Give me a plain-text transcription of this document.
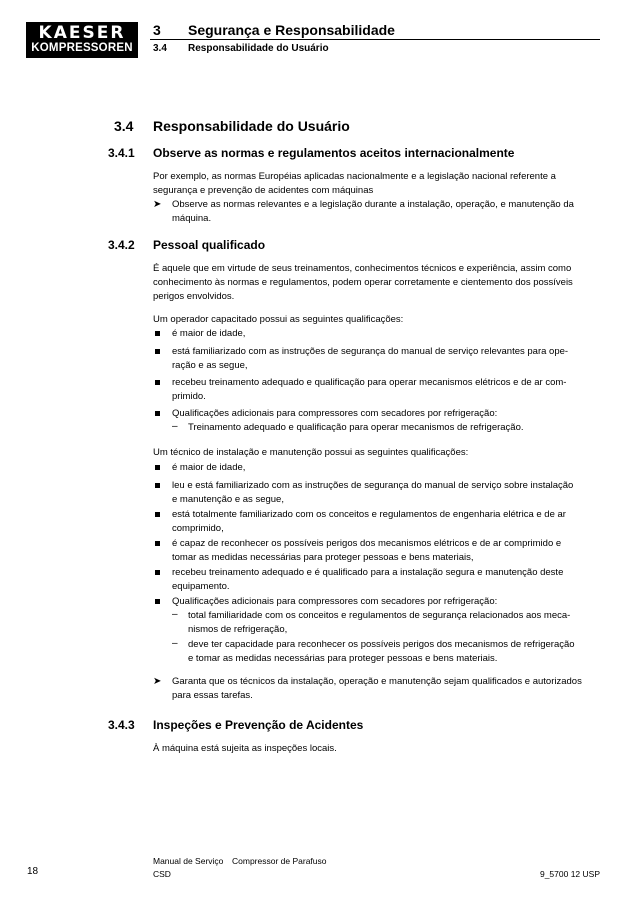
KAESER
KOMPRESSOREN
3 Segurança e Responsabilidade
3.4 Responsabilidade do Usuário
3.4 Responsabilidade do Usuário
3.4.1 Observe as normas e regulamentos aceitos internacionalmente
Por exemplo, as normas Européias aplicadas nacionalmente e a legislação nacional referente a
segurança e prevenção de acidentes com máquinas
➤ Observe as normas relevantes e a legislação durante a instalação, operação, e manutenção da
máquina.
3.4.2 Pessoal qualificado
É aquele que em virtude de seus treinamentos, conhecimentos técnicos e experiência, assim como
conhecimento às normas e regulamentos, podem operar corretamente e cientemento dos possíveis
perigos envolvidos.
Um operador capacitado possui as seguintes qualificações:
é maior de idade,
está familiarizado com as instruções de segurança do manual de serviço relevantes para ope-
ração e as segue,
recebeu treinamento adequado e qualificação para operar mecanismos elétricos e de ar com-
primido.
Qualificações adicionais para compressores com secadores por refrigeração:
– Treinamento adequado e qualificação para operar mecanismos de refrigeração.
Um técnico de instalação e manutenção possui as seguintes qualificações:
é maior de idade,
leu e está familiarizado com as instruções de segurança do manual de serviço sobre instalação
e manutenção e as segue,
está totalmente familiarizado com os conceitos e regulamentos de engenharia elétrica e de ar
comprimido,
é capaz de reconhecer os possíveis perigos dos mecanismos elétricos e de ar comprimido e
tomar as medidas necessárias para proteger pessoas e bens materiais,
recebeu treinamento adequado e é qualificado para a instalação segura e manutenção deste
equipamento.
Qualificações adicionais para compressores com secadores por refrigeração:
– total familiaridade com os conceitos e regulamentos de segurança relacionados aos meca-
nismos de refrigeração,
– deve ter capacidade para reconhecer os possíveis perigos dos mecanismos de refrigeração
e tomar as medidas necessárias para proteger pessoas e bens materiais.
➤ Garanta que os técnicos da instalação, operação e manutenção sejam qualificados e autorizados
para essas tarefas.
3.4.3 Inspeções e Prevenção de Acidentes
À máquina está sujeita as inspeções locais.
18
Manual de Serviço Compressor de Parafuso
CSD	9_5700 12 USP
